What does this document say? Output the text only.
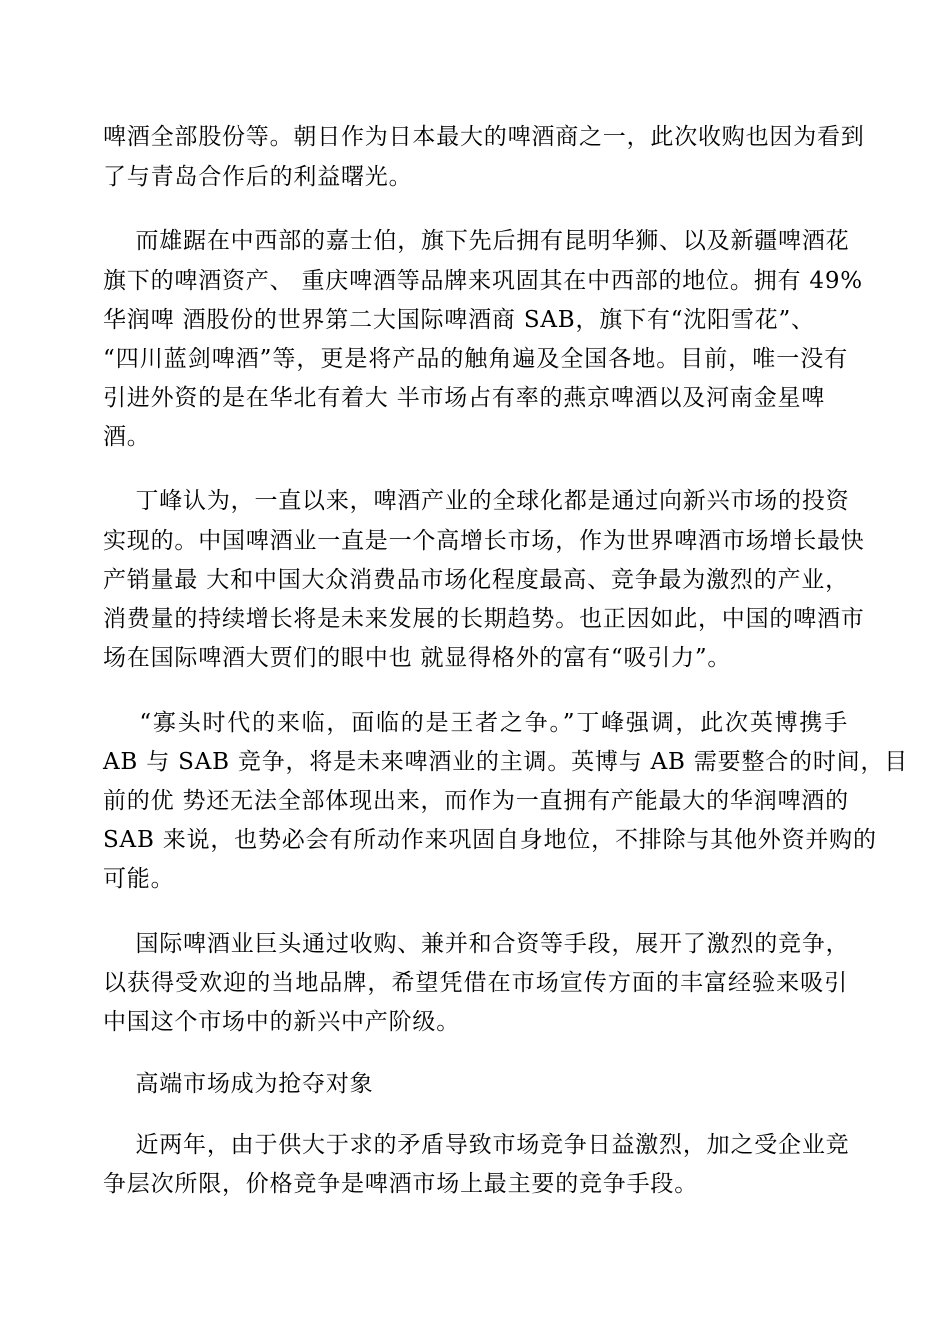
啤酒全部股份等。朝日作为日本最大的啤酒商之一，此次收购也因为看到

了与青岛合作后的利益曙光。

而雄踞在中西部的嘉士伯，旗下先后拥有昆明华狮、以及新疆啤酒花

旗下的啤酒资产、 重庆啤酒等品牌来巩固其在中西部的地位。拥有 49%

华润啤 酒股份的世界第二大国际啤酒商 SAB，旗下有“沈阳雪花”、

“四川蓝剑啤酒”等，更是将产品的触角遍及全国各地。目前，唯一没有

引进外资的是在华北有着大 半市场占有率的燕京啤酒以及河南金星啤

酒。

丁峰认为，一直以来，啤酒产业的全球化都是通过向新兴市场的投资

实现的。中国啤酒业一直是一个高增长市场，作为世界啤酒市场增长最快

产销量最 大和中国大众消费品市场化程度最高、竞争最为激烈的产业，

消费量的持续增长将是未来发展的长期趋势。也正因如此，中国的啤酒市

场在国际啤酒大贾们的眼中也 就显得格外的富有“吸引力”。

“寡头时代的来临，面临的是王者之争。”丁峰强调，此次英博携手

AB 与 SAB 竞争，将是未来啤酒业的主调。英博与 AB 需要整合的时间，目

前的优 势还无法全部体现出来，而作为一直拥有产能最大的华润啤酒的

SAB 来说，也势必会有所动作来巩固自身地位，不排除与其他外资并购的

可能。

国际啤酒业巨头通过收购、兼并和合资等手段，展开了激烈的竞争，

以获得受欢迎的当地品牌，希望凭借在市场宣传方面的丰富经验来吸引

中国这个市场中的新兴中产阶级。

高端市场成为抢夺对象

近两年，由于供大于求的矛盾导致市场竞争日益激烈，加之受企业竞

争层次所限，价格竞争是啤酒市场上最主要的竞争手段。
